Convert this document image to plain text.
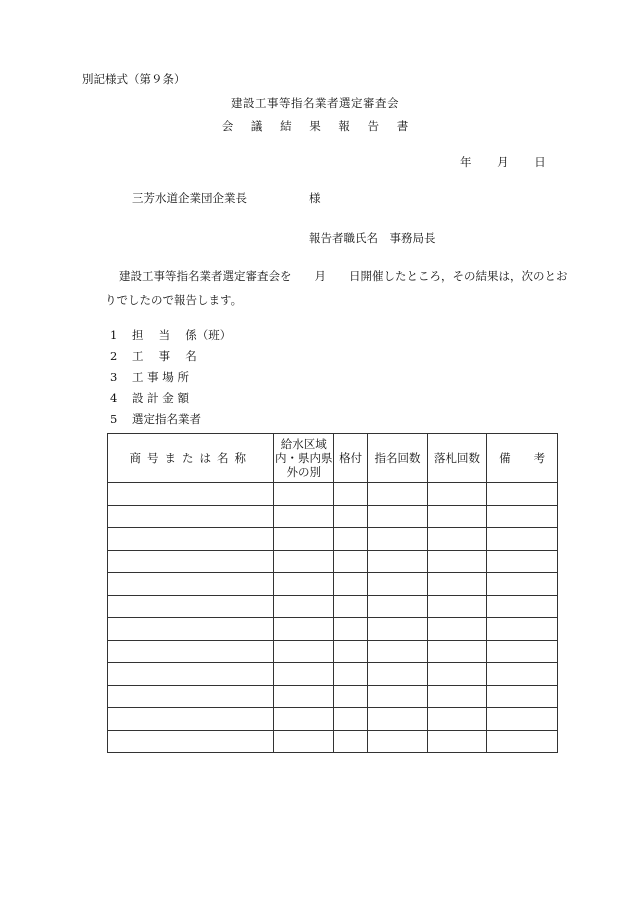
別記様式（第９条）
建設工事等指名業者選定審査会
会 議 結 果 報 告 書
年 月 日
三芳水道企業団企業長	様
報告者職氏名　事務局長
建設工事等指名業者選定審査会を　　月　　日開催したところ，その結果は，次のとおりでしたので報告します。
1 担　 当　 係（班）
2 工　 事　 名
3 工 事 場 所
4 設 計 金 額
5 選定指名業者
商号または名称	給水区域内・県内県外の別	格付	指名回数	落札回数	備　　考
